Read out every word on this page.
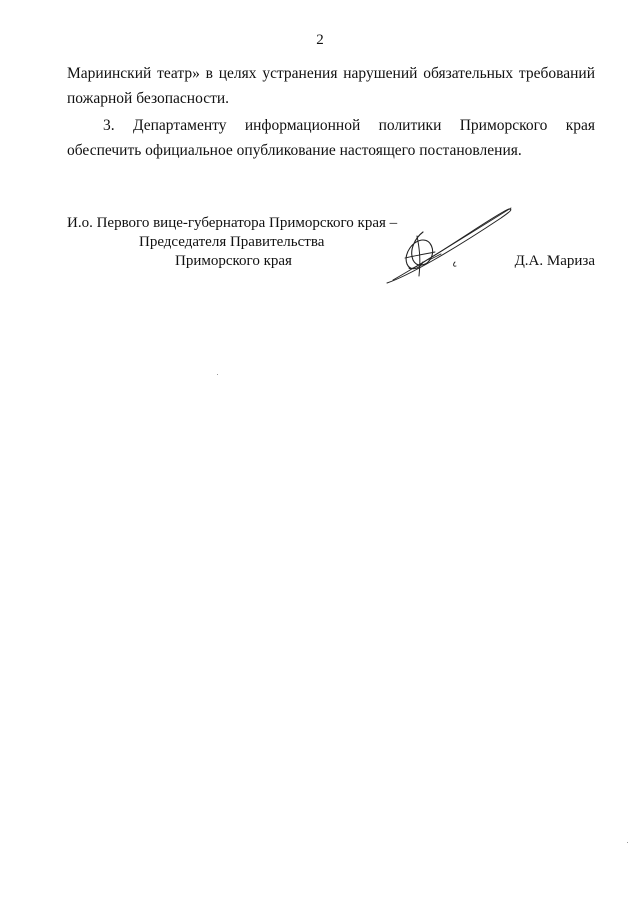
2
Мариинский театр» в целях устранения нарушений обязательных требований
пожарной безопасности.
3. Департаменту информационной политики Приморского края
обеспечить официальное опубликование настоящего постановления.
И.о. Первого вице-губернатора Приморского края –
Председателя Правительства
Приморского края	Д.А. Мариза
